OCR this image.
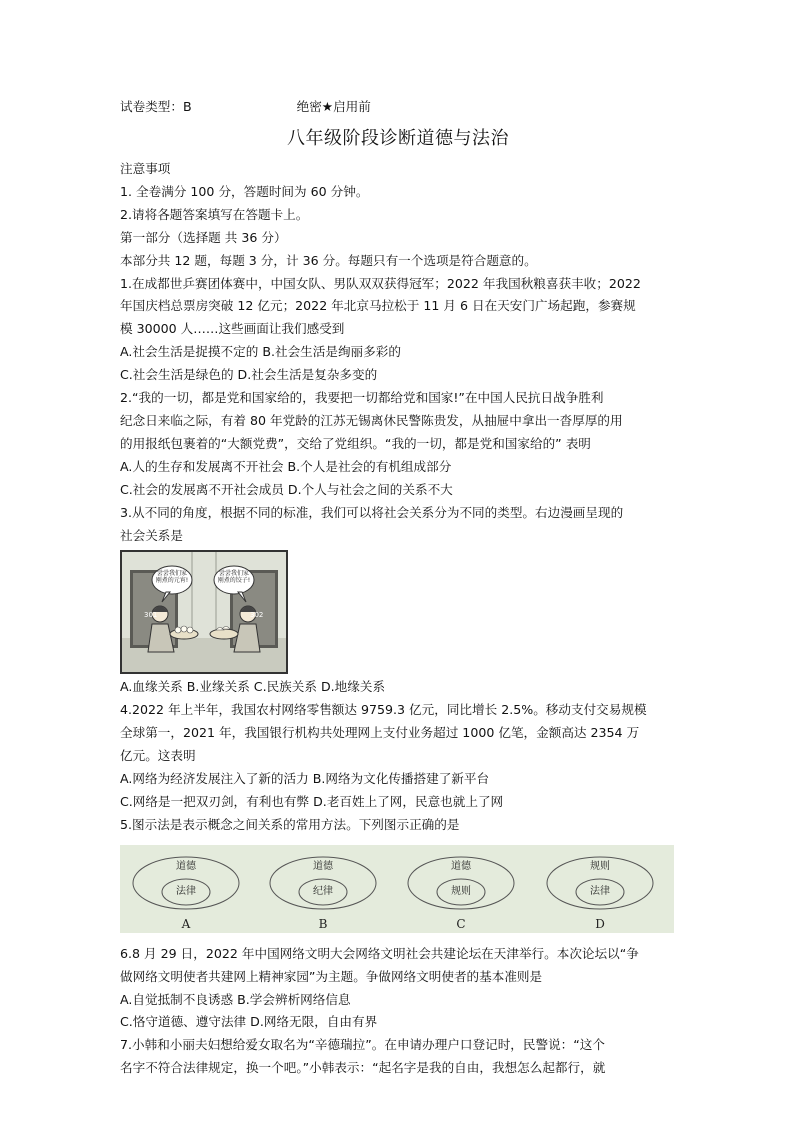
试卷类型：B	绝密★启用前
八年级阶段诊断道德与法治
注意事项
1. 全卷满分 100 分，答题时间为 60 分钟。
2.请将各题答案填写在答题卡上。
第一部分（选择题 共 36 分）
本部分共 12 题，每题 3 分，计 36 分。每题只有一个选项是符合题意的。
1.在成都世乒赛团体赛中，中国女队、男队双双获得冠军；2022 年我国秋粮喜获丰收；2022
年国庆档总票房突破 12 亿元；2022 年北京马拉松于 11 月 6 日在天安门广场起跑，参赛规
模 30000 人……这些画面让我们感受到
A.社会生活是捉摸不定的 B.社会生活是绚丽多彩的
C.社会生活是绿色的 D.社会生活是复杂多变的
2.“我的一切，都是党和国家给的，我要把一切都给党和国家!”在中国人民抗日战争胜利
纪念日来临之际，有着 80 年党龄的江苏无锡离休民警陈贵发，从抽屉中拿出一沓厚厚的用
的用报纸包裹着的“大额党费”，交给了党组织。“我的一切，都是党和国家给的” 表明
A.人的生存和发展离不开社会 B.个人是社会的有机组成部分
C.社会的发展离不开社会成员 D.个人与社会之间的关系不大
3.从不同的角度，根据不同的标准，我们可以将社会关系分为不同的类型。右边漫画呈现的
社会关系是
尝尝我们家刚煮的元宵!
尝尝我们家刚煮的饺子!
301	302
A.血缘关系 B.业缘关系 C.民族关系 D.地缘关系
4.2022 年上半年，我国农村网络零售额达 9759.3 亿元，同比增长 2.5%。移动支付交易规模
全球第一，2021 年，我国银行机构共处理网上支付业务超过 1000 亿笔，金额高达 2354 万
亿元。这表明
A.网络为经济发展注入了新的活力 B.网络为文化传播搭建了新平台
C.网络是一把双刃剑，有利也有弊 D.老百姓上了网，民意也就上了网
5.图示法是表示概念之间关系的常用方法。下列图示正确的是
道德
法律
A
道德
纪律
B
道德
规则
C
规则
法律
D
6.8 月 29 日，2022 年中国网络文明大会网络文明社会共建论坛在天津举行。本次论坛以“争
做网络文明使者共建网上精神家园”为主题。争做网络文明使者的基本准则是
A.自觉抵制不良诱惑 B.学会辨析网络信息
C.恪守道德、遵守法律 D.网络无限，自由有界
7.小韩和小丽夫妇想给爱女取名为“辛德瑞拉”。在申请办理户口登记时，民警说：“这个
名字不符合法律规定，换一个吧。”小韩表示：“起名字是我的自由，我想怎么起都行，就
